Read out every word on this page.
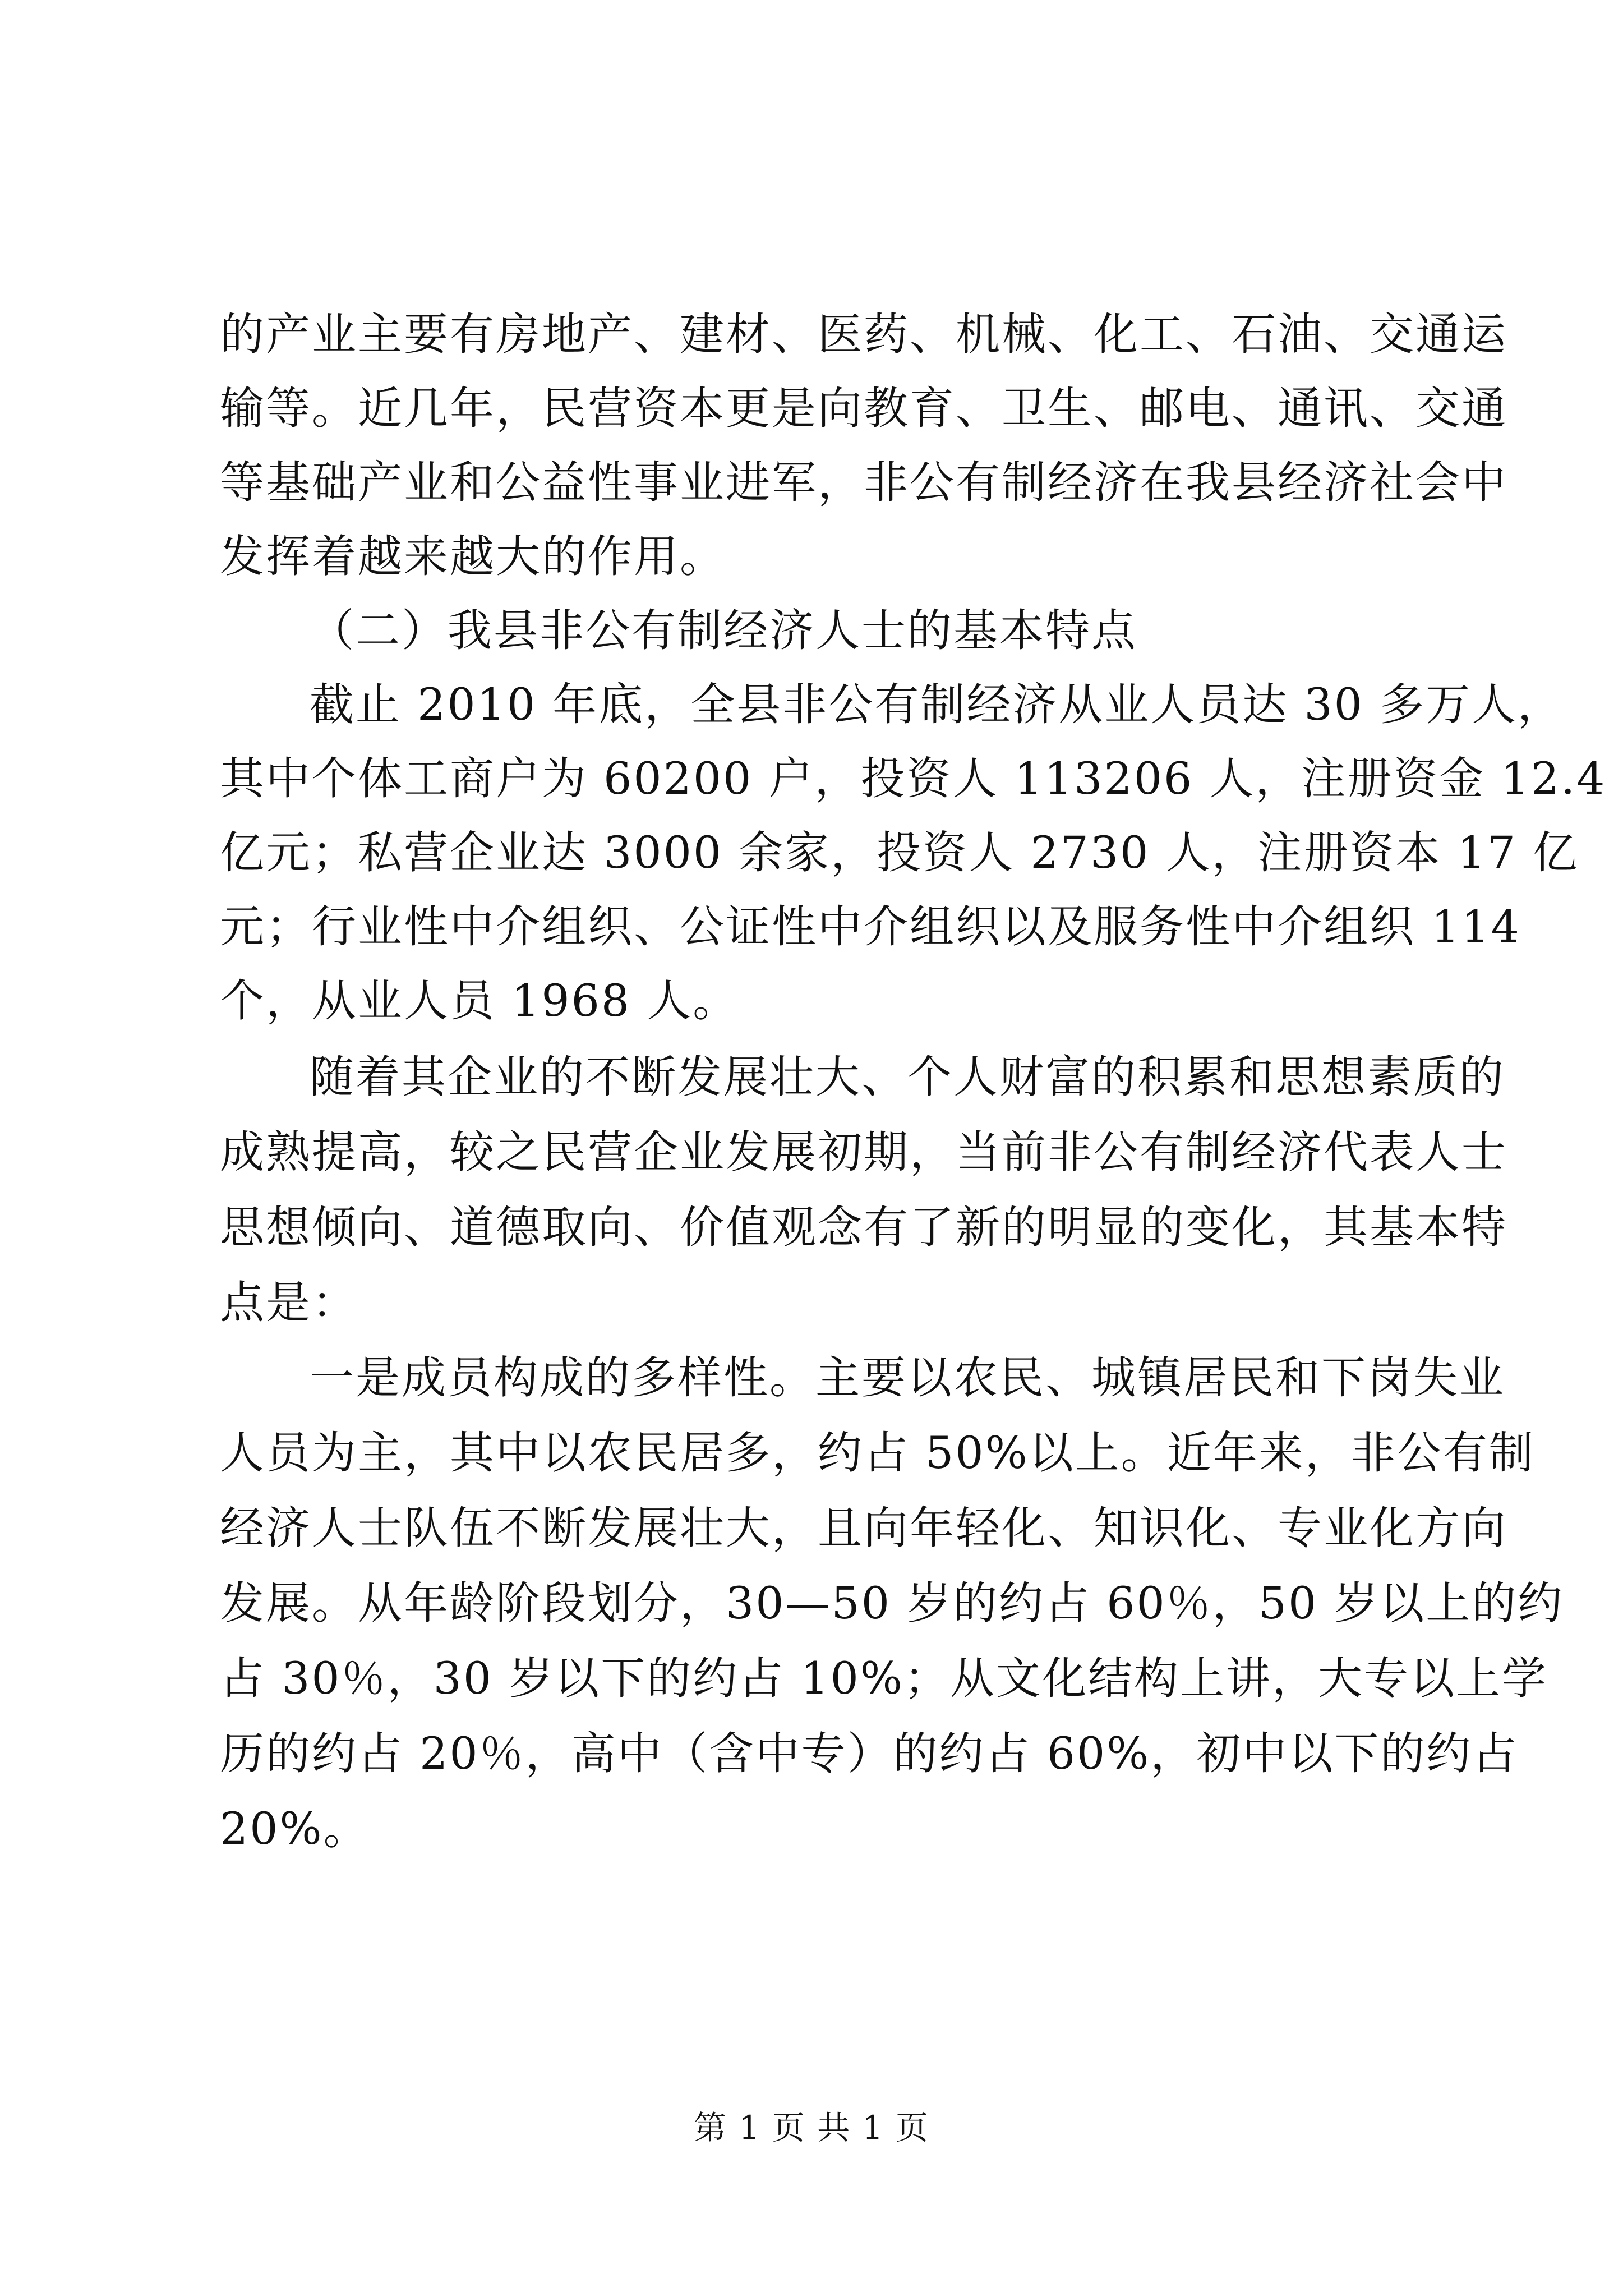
的产业主要有房地产、建材、医药、机械、化工、石油、交通运
输等。近几年，民营资本更是向教育、卫生、邮电、通讯、交通
等基础产业和公益性事业进军，非公有制经济在我县经济社会中
发挥着越来越大的作用。
（二）我县非公有制经济人士的基本特点
截止 2010 年底，全县非公有制经济从业人员达 30 多万人，
其中个体工商户为 60200 户，投资人 113206 人，注册资金 12.4
亿元；私营企业达 3000 余家，投资人 2730 人，注册资本 17 亿
元；行业性中介组织、公证性中介组织以及服务性中介组织 114
个，从业人员 1968 人。
随着其企业的不断发展壮大、个人财富的积累和思想素质的
成熟提高，较之民营企业发展初期，当前非公有制经济代表人士
思想倾向、道德取向、价值观念有了新的明显的变化，其基本特
点是：
一是成员构成的多样性。主要以农民、城镇居民和下岗失业
人员为主，其中以农民居多，约占 50%以上。近年来，非公有制
经济人士队伍不断发展壮大，且向年轻化、知识化、专业化方向
发展。从年龄阶段划分，30—50 岁的约占 60％，50 岁以上的约
占 30％，30 岁以下的约占 10%；从文化结构上讲，大专以上学
历的约占 20％，高中（含中专）的约占 60%，初中以下的约占
20%。
第 1 页 共 1 页
